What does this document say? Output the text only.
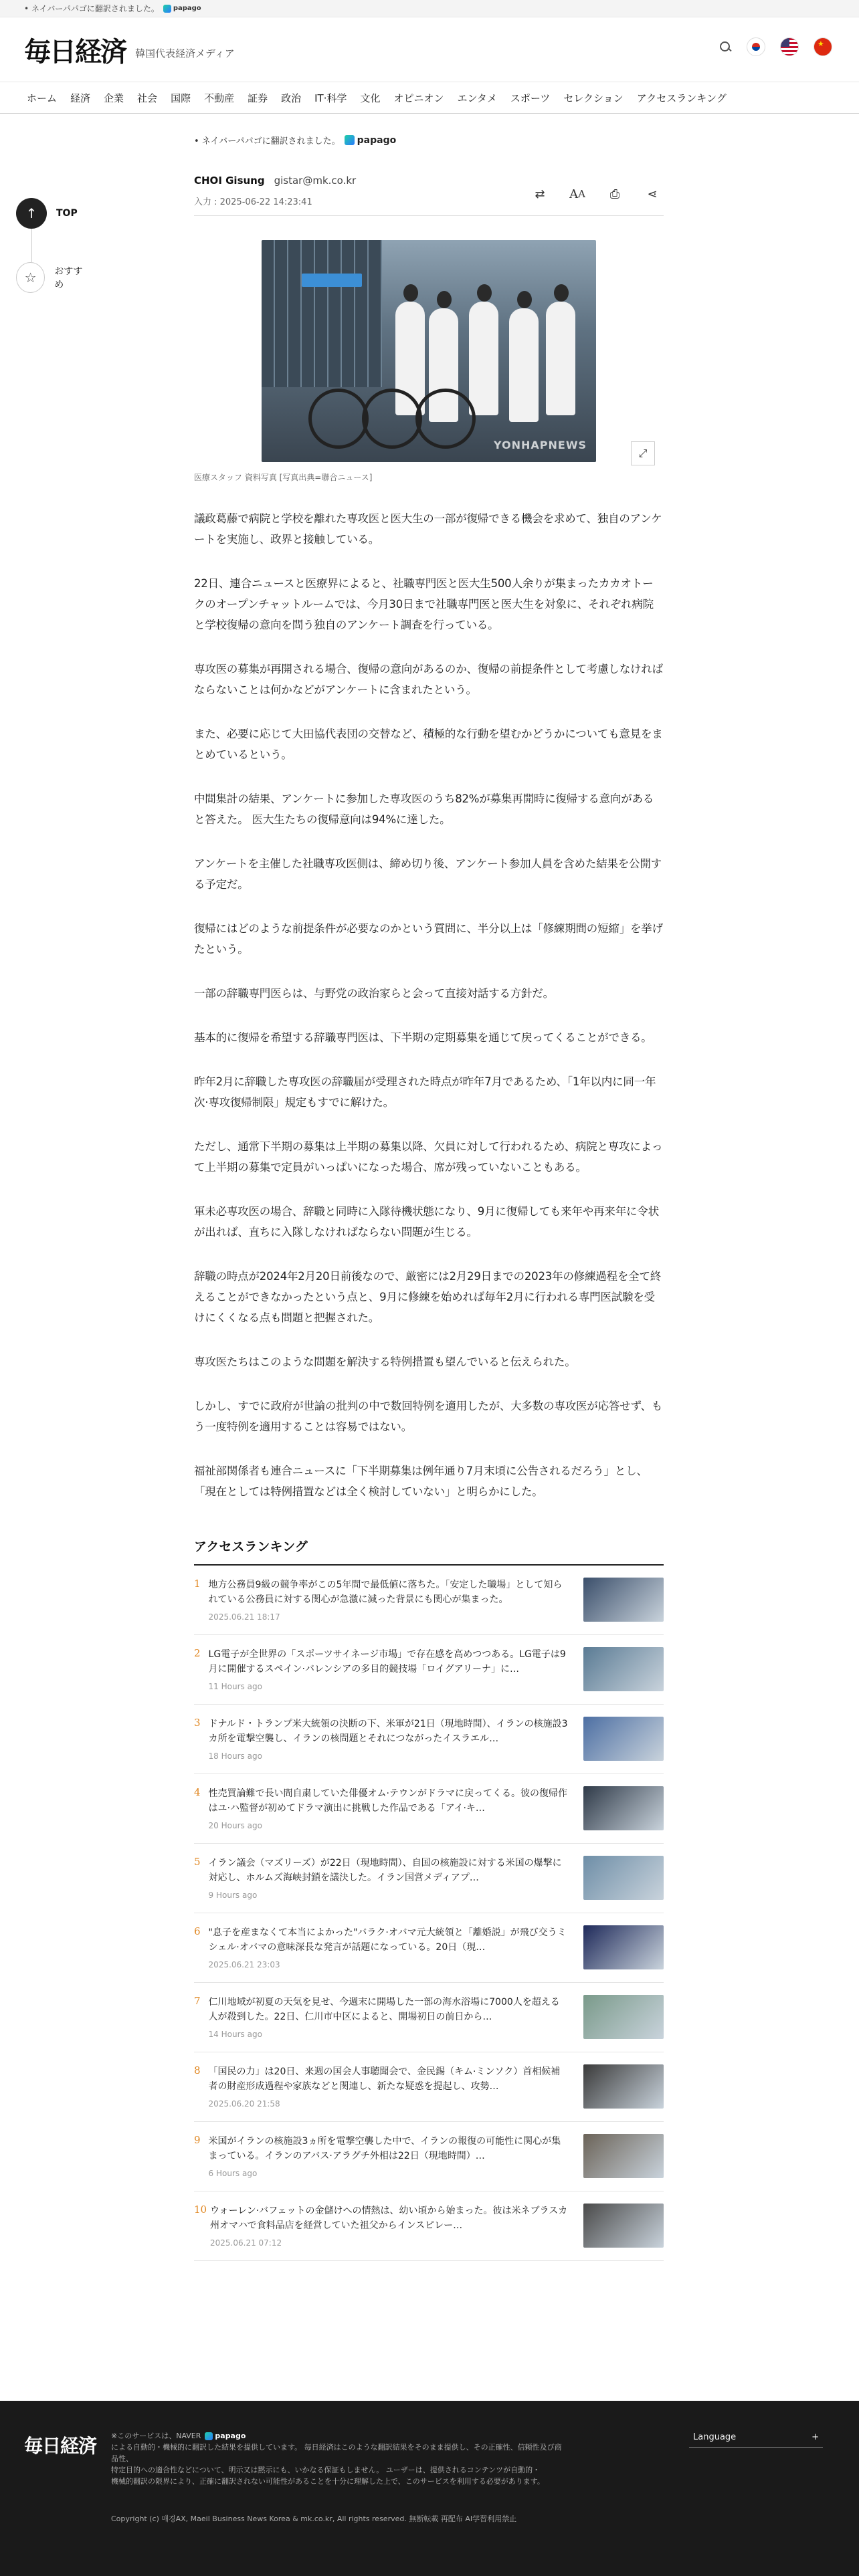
• ネイバーパパゴに翻訳されました。 papago
毎日経済 韓国代表経済メディア
★
ホーム 経済 企業 社会 国際 不動産 証券 政治 IT·科学 文化 オピニオン エンタメ スポーツ セレクション アクセスランキング
↑	TOP
☆	おすすめ
• ネイバーパパゴに翻訳されました。 papago
CHOI Gisung gistar@mk.co.kr
入力 : 2025-06-22 14:23:41
⇄	A A	⎙	⋖
YONHAPNEWS
⤢
医療スタッフ 資料写真 [写真出典=聯合ニュース]

議政葛藤で病院と学校を離れた専攻医と医大生の一部が復帰できる機会を求めて、独自のアンケートを実施し、政界と接触している。

22日、連合ニュースと医療界によると、社職専門医と医大生500人余りが集まったカカオトークのオープンチャットルームでは、今月30日まで社職専門医と医大生を対象に、それぞれ病院と学校復帰の意向を問う独自のアンケート調査を行っている。

専攻医の募集が再開される場合、復帰の意向があるのか、復帰の前提条件として考慮しなければならないことは何かなどがアンケートに含まれたという。

また、必要に応じて大田協代表団の交替など、積極的な行動を望むかどうかについても意見をまとめているという。

中間集計の結果、アンケートに参加した専攻医のうち82%が募集再開時に復帰する意向があると答えた。 医大生たちの復帰意向は94%に達した。

アンケートを主催した社職専攻医側は、締め切り後、アンケート参加人員を含めた結果を公開する予定だ。

復帰にはどのような前提条件が必要なのかという質問に、半分以上は「修練期間の短縮」を挙げたという。

一部の辞職専門医らは、与野党の政治家らと会って直接対話する方針だ。

基本的に復帰を希望する辞職専門医は、下半期の定期募集を通じて戻ってくることができる。

昨年2月に辞職した専攻医の辞職届が受理された時点が昨年7月であるため、「1年以内に同一年次·専攻復帰制限」規定もすでに解けた。

ただし、通常下半期の募集は上半期の募集以降、欠員に対して行われるため、病院と専攻によって上半期の募集で定員がいっぱいになった場合、席が残っていないこともある。

軍未必専攻医の場合、辞職と同時に入隊待機状態になり、9月に復帰しても来年や再来年に令状が出れば、直ちに入隊しなければならない問題が生じる。

辞職の時点が2024年2月20日前後なので、厳密には2月29日までの2023年の修練過程を全て終えることができなかったという点と、9月に修練を始めれば毎年2月に行われる専門医試験を受けにくくなる点も問題と把握された。

専攻医たちはこのような問題を解決する特例措置も望んでいると伝えられた。

しかし、すでに政府が世論の批判の中で数回特例を適用したが、大多数の専攻医が応答せず、もう一度特例を適用することは容易ではない。

福祉部関係者も連合ニュースに「下半期募集は例年通り7月末頃に公告されるだろう」とし、「現在としては特例措置などは全く検討していない」と明らかにした。

アクセスランキング
1 地方公務員9級の競争率がこの5年間で最低値に落ちた。「安定した職場」として知られている公務員に対する関心が急激に減った背景にも関心が集まった。
2025.06.21 18:17
2 LG電子が全世界の「スポーツサイネージ市場」で存在感を高めつつある。LG電子は9月に開催するスペイン·バレンシアの多目的競技場「ロイグアリーナ」に…
11 Hours ago
3 ドナルド・トランプ米大統領の決断の下、米軍が21日（現地時間）、イランの核施設3カ所を電撃空襲し、イランの核問題とそれにつながったイスラエル…
18 Hours ago
4 性売買論難で長い間自粛していた俳優オム·テウンがドラマに戻ってくる。彼の復帰作はユ·ハ監督が初めてドラマ演出に挑戦した作品である「アイ·キ…
20 Hours ago
5 イラン議会（マズリーズ）が22日（現地時間）、自国の核施設に対する米国の爆撃に対応し、ホルムズ海峡封鎖を議決した。イラン国営メディアプ…
9 Hours ago
6 "息子を産まなくて本当によかった"バラク·オバマ元大統領と「離婚説」が飛び交うミシェル·オバマの意味深長な発言が話題になっている。20日（現…
2025.06.21 23:03
7 仁川地域が初夏の天気を見せ、今週末に開場した一部の海水浴場に7000人を超える人が殺到した。22日、仁川市中区によると、開場初日の前日から…
14 Hours ago
8 「国民の力」は20日、来週の国会人事聴聞会で、金民錫（キム·ミンソク）首相候補者の財産形成過程や家族などと関連し、新たな疑惑を提起し、攻勢…
2025.06.20 21:58
9 米国がイランの核施設3ヵ所を電撃空襲した中で、イランの報復の可能性に関心が集まっている。イランのアバス·アラグチ外相は22日（現地時間）…
6 Hours ago
10 ウォーレン·バフェットの金儲けへの情熱は、幼い頃から始まった。彼は米ネブラスカ州オマハで食料品店を経営していた祖父からインスピレー…
2025.06.21 07:12
毎日経済 ※このサービスは、NAVER papago
による自動的・機械的に翻訳した結果を提供しています。 毎日経済はこのような翻訳結果をそのまま提供し、その正確性、信頼性及び商品性、
特定目的への適合性などについて、明示又は黙示にも、いかなる保証もしません。 ユーザーは、提供されるコンテンツが自動的・
機械的翻訳の限界により、正確に翻訳されない可能性があることを十分に理解した上で、このサービスを利用する必要があります。
Copyright (c) 매경AX, Maeil Business News Korea & mk.co.kr, All rights reserved. 無断転載 再配布 AI学習利用禁止
Language	+
